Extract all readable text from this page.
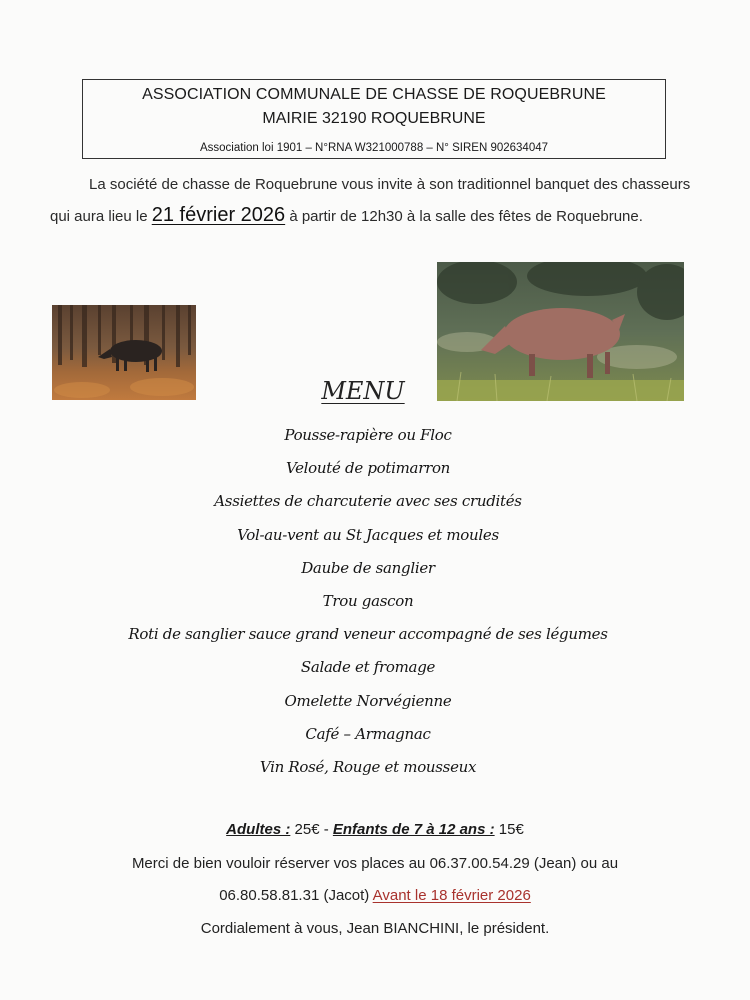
ASSOCIATION COMMUNALE DE CHASSE DE ROQUEBRUNE
MAIRIE 32190 ROQUEBRUNE
Association loi 1901 – N°RNA W321000788 – N° SIREN 902634047
La société de chasse de Roquebrune vous invite à son traditionnel banquet des chasseurs qui aura lieu le 21 février 2026 à partir de 12h30 à la salle des fêtes de Roquebrune.
MENU
Pousse-rapière ou Floc
Velouté de potimarron
Assiettes de charcuterie avec ses crudités
Vol-au-vent au St Jacques et moules
Daube de sanglier
Trou gascon
Roti de sanglier sauce grand veneur accompagné de ses légumes
Salade et fromage
Omelette Norvégienne
Café – Armagnac
Vin Rosé, Rouge et mousseux
Adultes : 25€ - Enfants de 7 à 12 ans : 15€
Merci de bien vouloir réserver vos places au 06.37.00.54.29 (Jean) ou au
06.80.58.81.31 (Jacot) Avant le 18 février 2026
Cordialement à vous, Jean BIANCHINI, le président.
